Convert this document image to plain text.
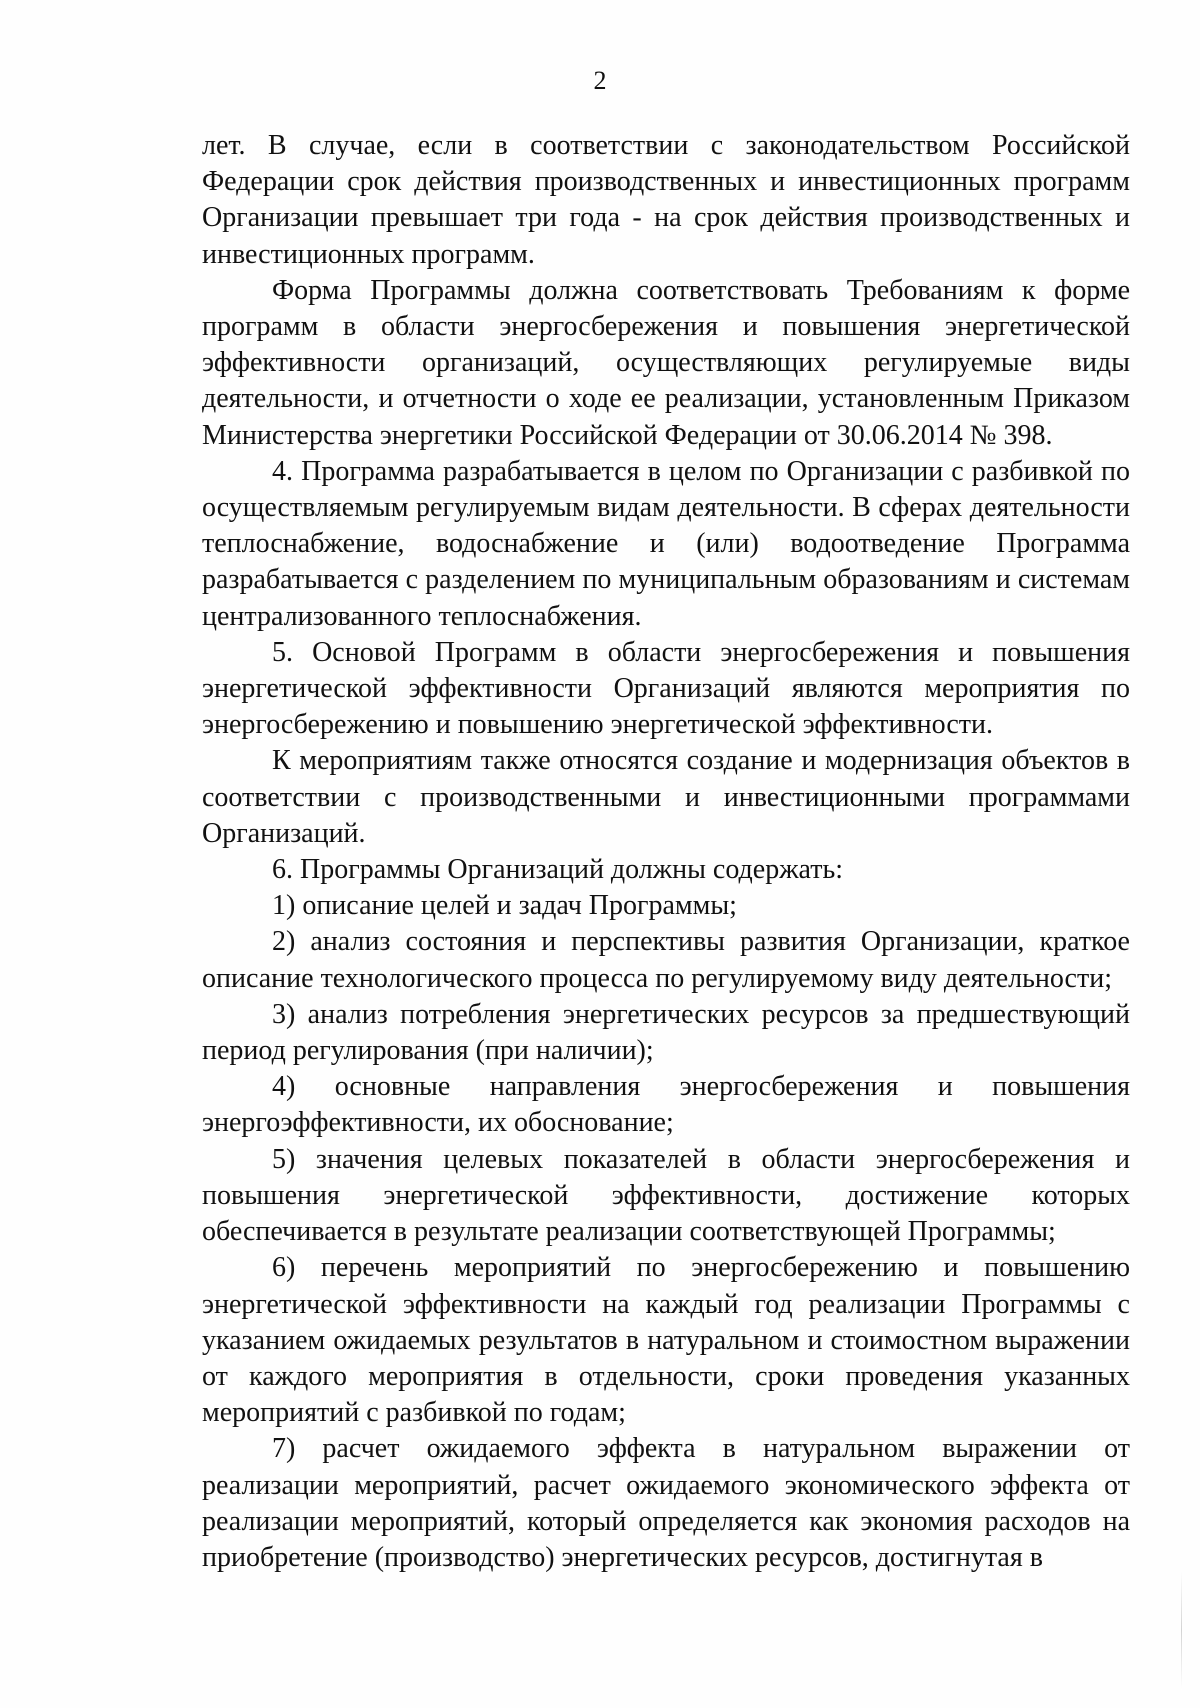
2

лет. В случае, если в соответствии с законодательством Российской Федерации срок действия производственных и инвестиционных программ Организации превышает три года - на срок действия производственных и инвестиционных программ.

Форма Программы должна соответствовать Требованиям к форме программ в области энергосбережения и повышения энергетической эффективности организаций, осуществляющих регулируемые виды деятельности, и отчетности о ходе ее реализации, установленным Приказом Министерства энергетики Российской Федерации от 30.06.2014 № 398.

4. Программа разрабатывается в целом по Организации с разбивкой по осуществляемым регулируемым видам деятельности. В сферах деятельности теплоснабжение, водоснабжение и (или) водоотведение Программа разрабатывается с разделением по муниципальным образованиям и системам централизованного теплоснабжения.

5. Основой Программ в области энергосбережения и повышения энергетической эффективности Организаций являются мероприятия по энергосбережению и повышению энергетической эффективности.

К мероприятиям также относятся создание и модернизация объектов в соответствии с производственными и инвестиционными программами Организаций.

6. Программы Организаций должны содержать:

1) описание целей и задач Программы;

2) анализ состояния и перспективы развития Организации, краткое описание технологического процесса по регулируемому виду деятельности;

3) анализ потребления энергетических ресурсов за предшествующий период регулирования (при наличии);

4) основные направления энергосбережения и повышения энергоэффективности, их обоснование;

5) значения целевых показателей в области энергосбережения и повышения энергетической эффективности, достижение которых обеспечивается в результате реализации соответствующей Программы;

6) перечень мероприятий по энергосбережению и повышению энергетической эффективности на каждый год реализации Программы с указанием ожидаемых результатов в натуральном и стоимостном выражении от каждого мероприятия в отдельности, сроки проведения указанных мероприятий с разбивкой по годам;

7) расчет ожидаемого эффекта в натуральном выражении от реализации мероприятий, расчет ожидаемого экономического эффекта от реализации мероприятий, который определяется как экономия расходов на приобретение (производство) энергетических ресурсов, достигнутая в
